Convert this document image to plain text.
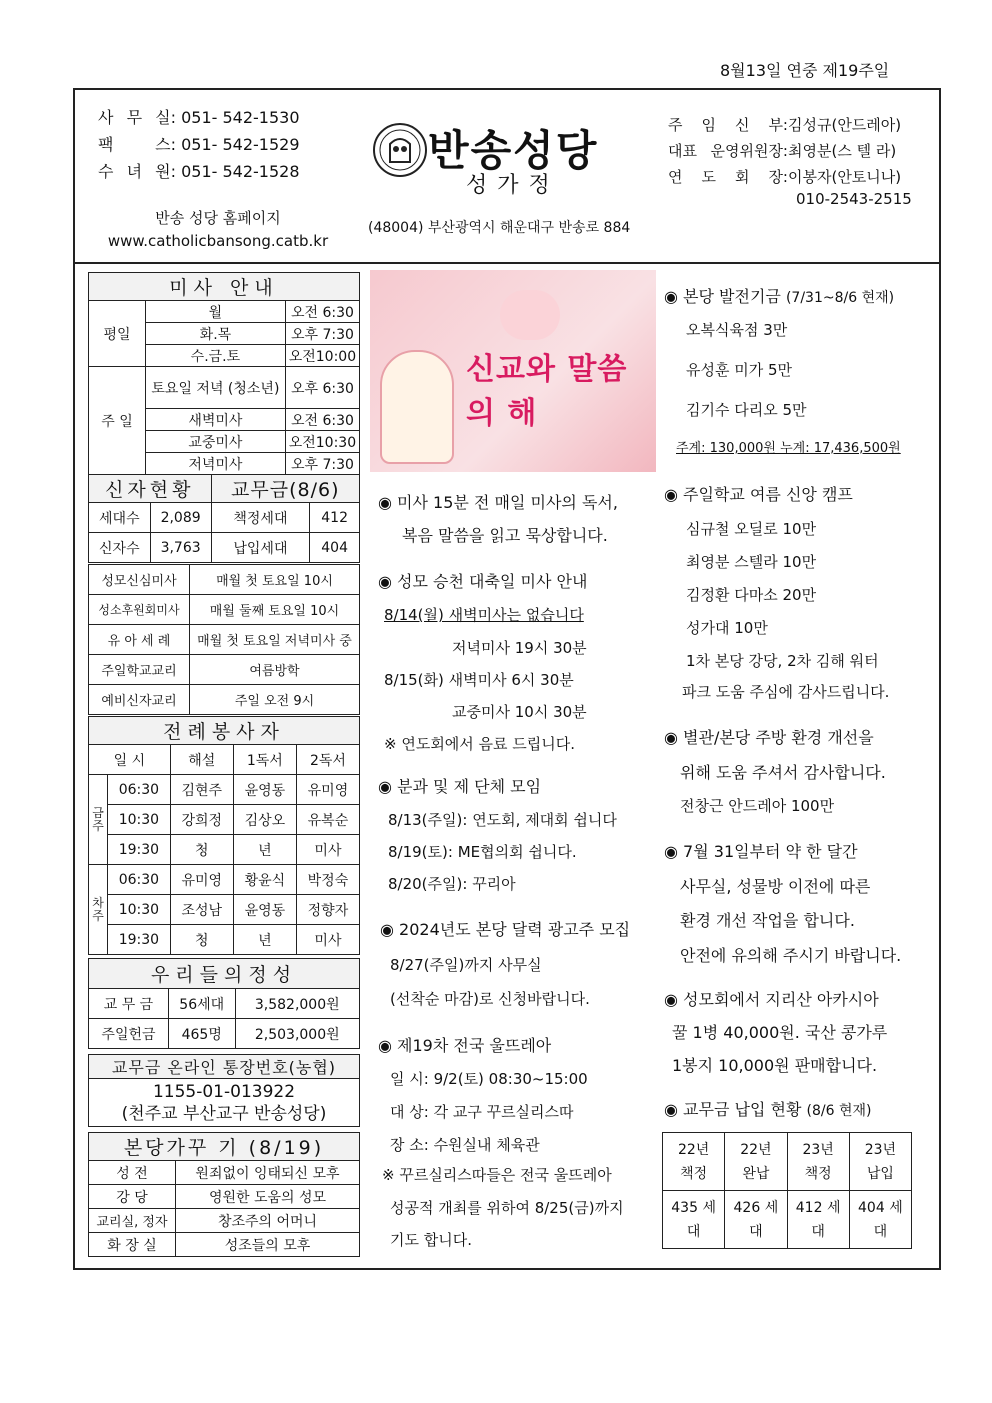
8월13일 연중 제19주일
사 무 실: 051- 542-1530
팩 스: 051- 542-1529
수 녀 원: 051- 542-1528
반송 성당 홈페이지
www.catholicbansong.catb.kr
반송성당
성가정
(48004) 부산광역시 해운대구 반송로 884
주 임 신 부:김성규(안드레아)
대표 운영위원장:최영분(스 텔 라)
연 도 회 장:이봉자(안토니나)
010-2543-2515
미사 안내		
평일	월	오전 6:30
	화.목	오후 7:30
	수.금.토	오전10:00
주 일	토요일 저녁 (청소년)	오후 6:30
	새벽미사	오전 6:30
	교중미사	오전10:30
	저녁미사	오후 7:30
신자현황		교무금(8/6)	
세대수	2,089	책정세대	412
신자수	3,763	납입세대	404
성모신심미사	매월 첫 토요일 10시
성소후원회미사	매월 둘째 토요일 10시
유 아 세 례	매월 첫 토요일 저녁미사 중
주일학교교리	여름방학
예비신자교리	주일 오전 9시
전례봉사자				
일 시		해설	1독서	2독서
금주	06:30	김현주	윤영동	유미영
	10:30	강희정	김상오	유복순
	19:30	청	년	미사
차주	06:30	유미영	황윤식	박정숙
	10:30	조성남	윤영동	정향자
	19:30	청	년	미사
우리들의정성		
교 무 금	56세대	3,582,000원
주일헌금	465명	2,503,000원
교무금 온라인 통장번호(농협)

1155-01-013922
(천주교 부산교구 반송성당)
본당가꾸 기 (8/19)	
성 전	원죄없이 잉태되신 모후
강 당	영원한 도움의 성모
교리실, 정자	창조주의 어머니
화 장 실	성조들의 모후
신교와 말씀의 해
◉ 미사 15분 전 매일 미사의 독서,
복음 말씀을 읽고 묵상합니다.
◉ 성모 승천 대축일 미사 안내
8/14(월) 새벽미사는 없습니다
저녁미사 19시 30분
8/15(화) 새벽미사 6시 30분
교중미사 10시 30분
※ 연도회에서 음료 드립니다.
◉ 분과 및 제 단체 모임
8/13(주일): 연도회, 제대회 쉽니다
8/19(토): ME협의회 쉽니다.
8/20(주일): 꾸리아
◉ 2024년도 본당 달력 광고주 모집
8/27(주일)까지 사무실
(선착순 마감)로 신청바랍니다.
◉ 제19차 전국 울뜨레아
일 시: 9/2(토) 08:30~15:00
대 상: 각 교구 꾸르실리스따
장 소: 수원실내 체육관
※ 꾸르실리스따들은 전국 울뜨레아
성공적 개최를 위하여 8/25(금)까지
기도 합니다.
◉ 본당 발전기금 (7/31~8/6 현재)
오복식육점 3만
유성훈 미가 5만
김기수 다리오 5만
주계: 130,000원 누계: 17,436,500원
◉ 주일학교 여름 신앙 캠프
심규철 오딜로 10만
최영분 스텔라 10만
김정환 다마소 20만
성가대 10만
1차 본당 강당, 2차 김해 워터
파크 도움 주심에 감사드립니다.
◉ 별관/본당 주방 환경 개선을
위해 도움 주셔서 감사합니다.
전창근 안드레아 100만
◉ 7월 31일부터 약 한 달간
사무실, 성물방 이전에 따른
환경 개선 작업을 합니다.
안전에 유의해 주시기 바랍니다.
◉ 성모회에서 지리산 아카시아
꿀 1병 40,000원. 국산 콩가루
1봉지 10,000원 판매합니다.
◉ 교무금 납입 현황 (8/6 현재)
22년 책정	22년 완납	23년 책정	23년 납입
435 세대	426 세대	412 세대	404 세대
